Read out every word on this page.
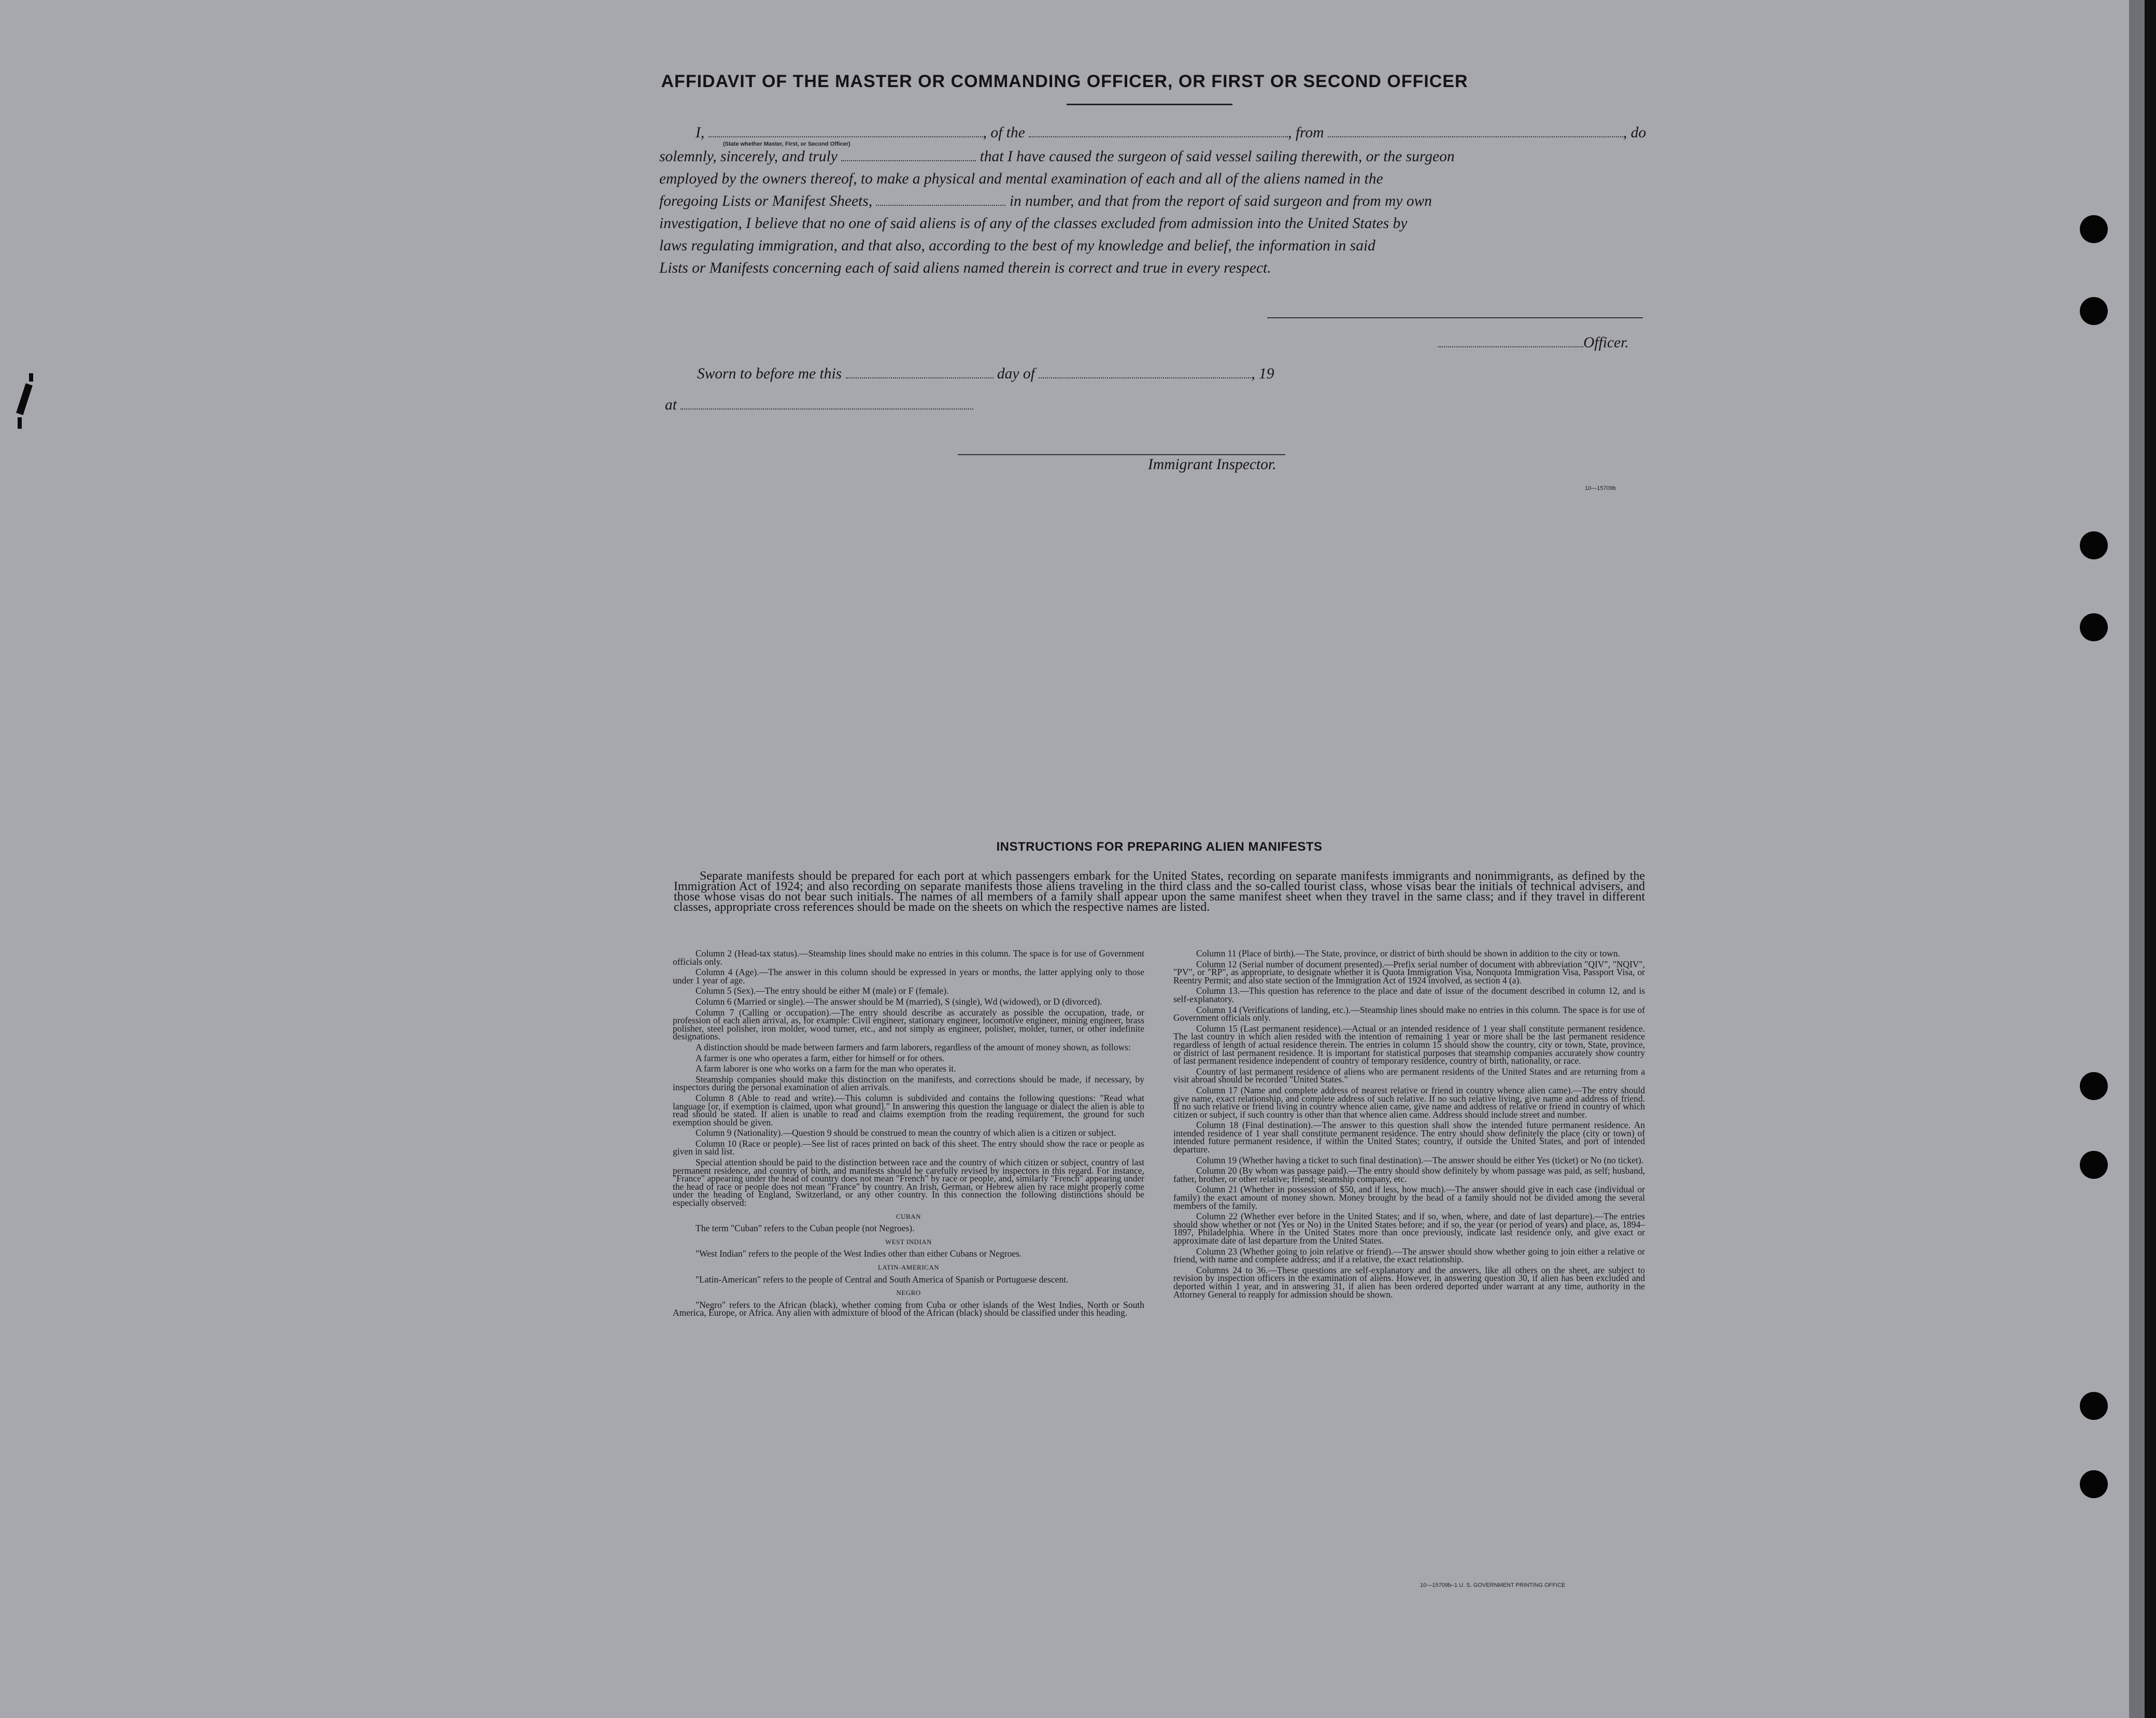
AFFIDAVIT OF THE MASTER OR COMMANDING OFFICER, OR FIRST OR SECOND OFFICER
I,	, of the	, from	, do
(State whether Master, First, or Second Officer)
solemnly, sincerely, and truly	that I have caused the surgeon of said vessel sailing therewith, or the surgeon
employed by the owners thereof, to make a physical and mental examination of each and all of the aliens named in the
foregoing Lists or Manifest Sheets,	in number, and that from the report of said surgeon and from my own
investigation, I believe that no one of said aliens is of any of the classes excluded from admission into the United States by
laws regulating immigration, and that also, according to the best of my knowledge and belief, the information in said
Lists or Manifests concerning each of said aliens named therein is correct and true in every respect.
Officer.
Sworn to before me this	day of	, 19
at
Immigrant Inspector.
10—15709b
INSTRUCTIONS FOR PREPARING ALIEN MANIFESTS
Separate manifests should be prepared for each port at which passengers embark for the United States, recording on separate manifests immigrants and nonimmigrants, as defined by the Immigration Act of 1924; and also recording on separate manifests those aliens traveling in the third class and the so-called tourist class, whose visas bear the initials of technical advisers, and those whose visas do not bear such initials. The names of all members of a family shall appear upon the same manifest sheet when they travel in the same class; and if they travel in different classes, appropriate cross references should be made on the sheets on which the respective names are listed.

Column 2 (Head-tax status).—Steamship lines should make no entries in this column. The space is for use of Government officials only.

Column 4 (Age).—The answer in this column should be expressed in years or months, the latter applying only to those under 1 year of age.

Column 5 (Sex).—The entry should be either M (male) or F (female).

Column 6 (Married or single).—The answer should be M (married), S (single), Wd (widowed), or D (divorced).

Column 7 (Calling or occupation).—The entry should describe as accurately as possible the occupation, trade, or profession of each alien arrival, as, for example: Civil engineer, stationary engineer, locomotive engineer, mining engineer, brass polisher, steel polisher, iron molder, wood turner, etc., and not simply as engineer, polisher, molder, turner, or other indefinite designations.

A distinction should be made between farmers and farm laborers, regardless of the amount of money shown, as follows:

A farmer is one who operates a farm, either for himself or for others.

A farm laborer is one who works on a farm for the man who operates it.

Steamship companies should make this distinction on the manifests, and corrections should be made, if necessary, by inspectors during the personal examination of alien arrivals.

Column 8 (Able to read and write).—This column is subdivided and contains the following questions: "Read what language [or, if exemption is claimed, upon what ground]." In answering this question the language or dialect the alien is able to read should be stated. If alien is unable to read and claims exemption from the reading requirement, the ground for such exemption should be given.

Column 9 (Nationality).—Question 9 should be construed to mean the country of which alien is a citizen or subject.

Column 10 (Race or people).—See list of races printed on back of this sheet. The entry should show the race or people as given in said list.

Special attention should be paid to the distinction between race and the country of which citizen or subject, country of last permanent residence, and country of birth, and manifests should be carefully revised by inspectors in this regard. For instance, "France" appearing under the head of country does not mean "French" by race or people, and, similarly "French" appearing under the head of race or people does not mean "France" by country. An Irish, German, or Hebrew alien by race might properly come under the heading of England, Switzerland, or any other country. In this connection the following distinctions should be especially observed:

CUBAN

The term "Cuban" refers to the Cuban people (not Negroes).

WEST INDIAN

"West Indian" refers to the people of the West Indies other than either Cubans or Negroes.

LATIN-AMERICAN

"Latin-American" refers to the people of Central and South America of Spanish or Portuguese descent.

NEGRO

"Negro" refers to the African (black), whether coming from Cuba or other islands of the West Indies, North or South America, Europe, or Africa. Any alien with admixture of blood of the African (black) should be classified under this heading.

Column 11 (Place of birth).—The State, province, or district of birth should be shown in addition to the city or town.

Column 12 (Serial number of document presented).—Prefix serial number of document with abbreviation "QIV", "NQIV", "PV", or "RP", as appropriate, to designate whether it is Quota Immigration Visa, Nonquota Immigration Visa, Passport Visa, or Reentry Permit; and also state section of the Immigration Act of 1924 involved, as section 4 (a).

Column 13.—This question has reference to the place and date of issue of the document described in column 12, and is self-explanatory.

Column 14 (Verifications of landing, etc.).—Steamship lines should make no entries in this column. The space is for use of Government officials only.

Column 15 (Last permanent residence).—Actual or an intended residence of 1 year shall constitute permanent residence. The last country in which alien resided with the intention of remaining 1 year or more shall be the last permanent residence regardless of length of actual residence therein. The entries in column 15 should show the country, city or town, State, province, or district of last permanent residence. It is important for statistical purposes that steamship companies accurately show country of last permanent residence independent of country of temporary residence, country of birth, nationality, or race.

Country of last permanent residence of aliens who are permanent residents of the United States and are returning from a visit abroad should be recorded "United States."

Column 17 (Name and complete address of nearest relative or friend in country whence alien came).—The entry should give name, exact relationship, and complete address of such relative. If no such relative living, give name and address of friend. If no such relative or friend living in country whence alien came, give name and address of relative or friend in country of which citizen or subject, if such country is other than that whence alien came. Address should include street and number.

Column 18 (Final destination).—The answer to this question shall show the intended future permanent residence. An intended residence of 1 year shall constitute permanent residence. The entry should show definitely the place (city or town) of intended future permanent residence, if within the United States; country, if outside the United States, and port of intended departure.

Column 19 (Whether having a ticket to such final destination).—The answer should be either Yes (ticket) or No (no ticket).

Column 20 (By whom was passage paid).—The entry should show definitely by whom passage was paid, as self; husband, father, brother, or other relative; friend; steamship company, etc.

Column 21 (Whether in possession of $50, and if less, how much).—The answer should give in each case (individual or family) the exact amount of money shown. Money brought by the head of a family should not be divided among the several members of the family.

Column 22 (Whether ever before in the United States; and if so, when, where, and date of last departure).—The entries should show whether or not (Yes or No) in the United States before; and if so, the year (or period of years) and place, as, 1894–1897, Philadelphia. Where in the United States more than once previously, indicate last residence only, and give exact or approximate date of last departure from the United States.

Column 23 (Whether going to join relative or friend).—The answer should show whether going to join either a relative or friend, with name and complete address; and if a relative, the exact relationship.

Columns 24 to 36.—These questions are self-explanatory and the answers, like all others on the sheet, are subject to revision by inspection officers in the examination of aliens. However, in answering question 30, if alien has been excluded and deported within 1 year, and in answering 31, if alien has been ordered deported under warrant at any time, authority in the Attorney General to reapply for admission should be shown.

10—15709b–1 U. S. GOVERNMENT PRINTING OFFICE
